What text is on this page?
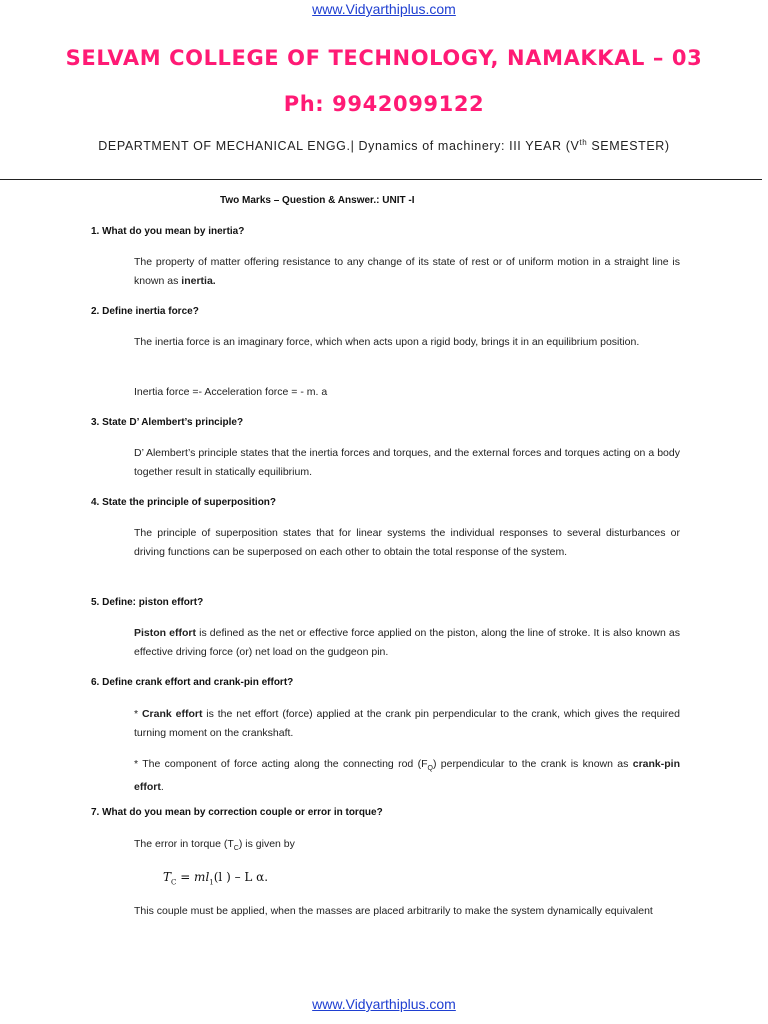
www.Vidyarthiplus.com
SELVAM COLLEGE OF TECHNOLOGY, NAMAKKAL – 03
Ph: 9942099122
DEPARTMENT OF MECHANICAL ENGG.| Dynamics of machinery: III YEAR (Vth SEMESTER)
Two Marks – Question & Answer.: UNIT -I
1. What do you mean by inertia?
The property of matter offering resistance to any change of its state of rest or of uniform motion in a straight line is known as inertia.
2. Define inertia force?
The inertia force is an imaginary force, which when acts upon a rigid body, brings it in an equilibrium position.
Inertia force =- Acceleration force = - m. a
3. State D’ Alembert’s principle?
D’ Alembert’s principle states that the inertia forces and torques, and the external forces and torques acting on a body together result in statically equilibrium.
4. State the principle of superposition?
The principle of superposition states that for linear systems the individual responses to several disturbances or driving functions can be superposed on each other to obtain the total response of the system.
5. Define: piston effort?
Piston effort is defined as the net or effective force applied on the piston, along the line of stroke. It is also known as effective driving force (or) net load on the gudgeon pin.
6. Define crank effort and crank-pin effort?
* Crank effort is the net effort (force) applied at the crank pin perpendicular to the crank, which gives the required turning moment on the crankshaft.
* The component of force acting along the connecting rod $(F_Q)$ perpendicular to the crank is known as crank-pin effort.
7. What do you mean by correction couple or error in torque?
The error in torque $(T_C)$ is given by
$T_C = ml_1(l$ ) – L α.
This couple must be applied, when the masses are placed arbitrarily to make the system dynamically equivalent
www.Vidyarthiplus.com
